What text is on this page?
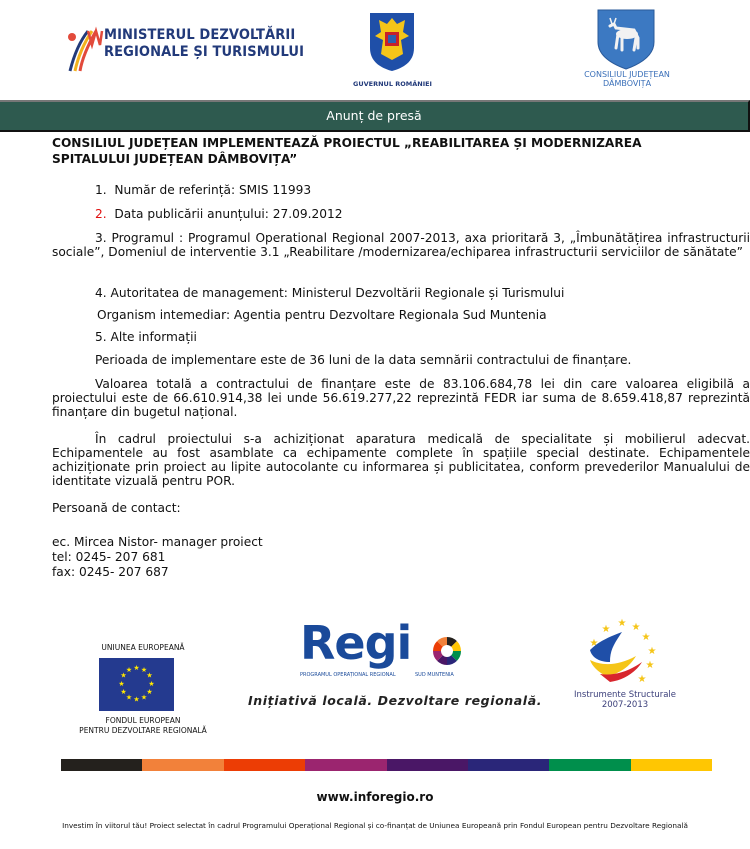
MINISTERUL DEZVOLTĂRII
REGIONALE ȘI TURISMULUI
GUVERNUL ROMÂNIEI
CONSILIUL JUDEȚEAN
DÂMBOVIȚA
Anunț de presă
CONSILIUL JUDEȚEAN IMPLEMENTEAZĂ PROIECTUL „REABILITAREA ȘI MODERNIZAREA SPITALULUI JUDEȚEAN DÂMBOVIȚA”
1. Număr de referință: SMIS 11993
2. Data publicării anunțului: 27.09.2012
3. Programul : Programul Operational Regional 2007-2013, axa prioritară 3, „Îmbunătățirea infrastructurii sociale”, Domeniul de interventie 3.1 „Reabilitare /modernizarea/echiparea infrastructurii serviciilor de sănătate”
4. Autoritatea de management: Ministerul Dezvoltării Regionale și Turismului
Organism intemediar: Agentia pentru Dezvoltare Regionala Sud Muntenia
5. Alte informații
Perioada de implementare este de 36 luni de la data semnării contractului de finanțare.
Valoarea totală a contractului de finanțare este de 83.106.684,78 lei din care valoarea eligibilă a proiectului este de 66.610.914,38 lei unde 56.619.277,22 reprezintă FEDR iar suma de 8.659.418,87 reprezintă finanțare din bugetul național.
În cadrul proiectului s-a achiziționat aparatura medicală de specialitate și mobilierul adecvat. Echipamentele au fost asamblate ca echipamente complete în spațiile special destinate. Echipamentele achiziționate prin proiect au lipite autocolante cu informarea și publicitatea, conform prevederilor Manualului de identitate vizuală pentru POR.
Persoană de contact:
ec. Mircea Nistor- manager proiect
tel: 0245- 207 681
fax: 0245- 207 687
UNIUNEA EUROPEANĂ
★ ★
★
★
★
★
★
★
★
★
★
★
FONDUL EUROPEAN
PENTRU DEZVOLTARE REGIONALĂ
Regi
PROGRAMUL OPERAȚIONAL REGIONAL	SUD MUNTENIA
Inițiativă locală. Dezvoltare regională.
★ ★
★
★
★
★
★
★
Instrumente Structurale
2007-2013
www.inforegio.ro
Investim în viitorul tău! Proiect selectat în cadrul Programului Operațional Regional și co-finanțat de Uniunea Europeană prin Fondul European pentru Dezvoltare Regională
